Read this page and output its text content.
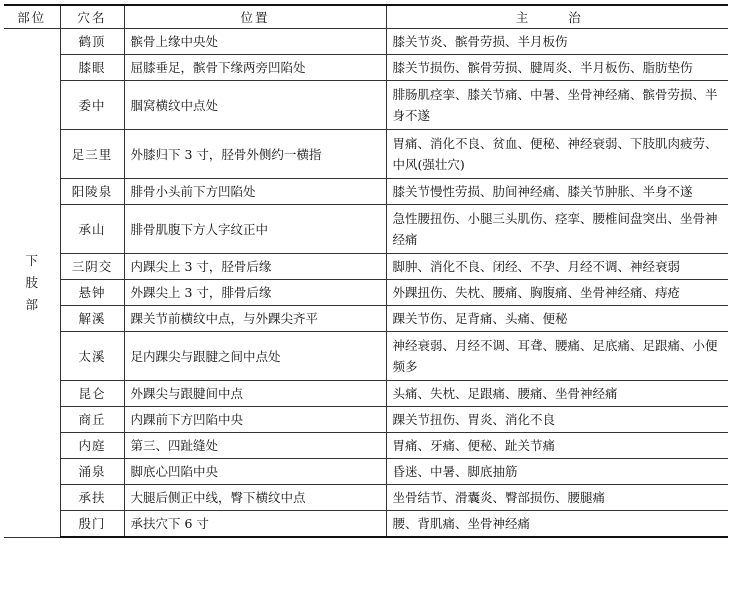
部位	穴名	位置	主 治

下
肢
部	鹤顶	髌骨上缘中央处	膝关节炎、髌骨劳损、半月板伤
	膝眼	屈膝垂足，髌骨下缘两旁凹陷处	膝关节损伤、髌骨劳损、腱周炎、半月板伤、脂肪垫伤
	委中	腘窝横纹中点处	腓肠肌痉挛、膝关节痛、中暑、坐骨神经痛、髌骨劳损、半身不遂
	足三里	外膝归下 3 寸，胫骨外侧约一横指	胃痛、消化不良、贫血、便秘、神经衰弱、下肢肌肉疲劳、中风(强壮穴)
	阳陵泉	腓骨小头前下方凹陷处	膝关节慢性劳损、肋间神经痛、膝关节肿胀、半身不遂
	承山	腓骨肌腹下方人字纹正中	急性腰扭伤、小腿三头肌伤、痉挛、腰椎间盘突出、坐骨神经痛
	三阴交	内踝尖上 3 寸，胫骨后缘	脚肿、消化不良、闭经、不孕、月经不调、神经衰弱
	悬钟	外踝尖上 3 寸，腓骨后缘	外踝扭伤、失枕、腰痛、胸腹痛、坐骨神经痛、痔疮
	解溪	踝关节前横纹中点，与外踝尖齐平	踝关节伤、足背痛、头痛、便秘
	太溪	足内踝尖与跟腱之间中点处	神经衰弱、月经不调、耳聋、腰痛、足底痛、足跟痛、小便频多
	昆仑	外踝尖与跟腱间中点	头痛、失枕、足跟痛、腰痛、坐骨神经痛
	商丘	内踝前下方凹陷中央	踝关节扭伤、胃炎、消化不良
	内庭	第三、四趾缝处	胃痛、牙痛、便秘、趾关节痛
	涌泉	脚底心凹陷中央	昏迷、中暑、脚底抽筋
	承扶	大腿后侧正中线，臀下横纹中点	坐骨结节、滑囊炎、臀部损伤、腰腿痛
	殷门	承扶穴下 6 寸	腰、背肌痛、坐骨神经痛
